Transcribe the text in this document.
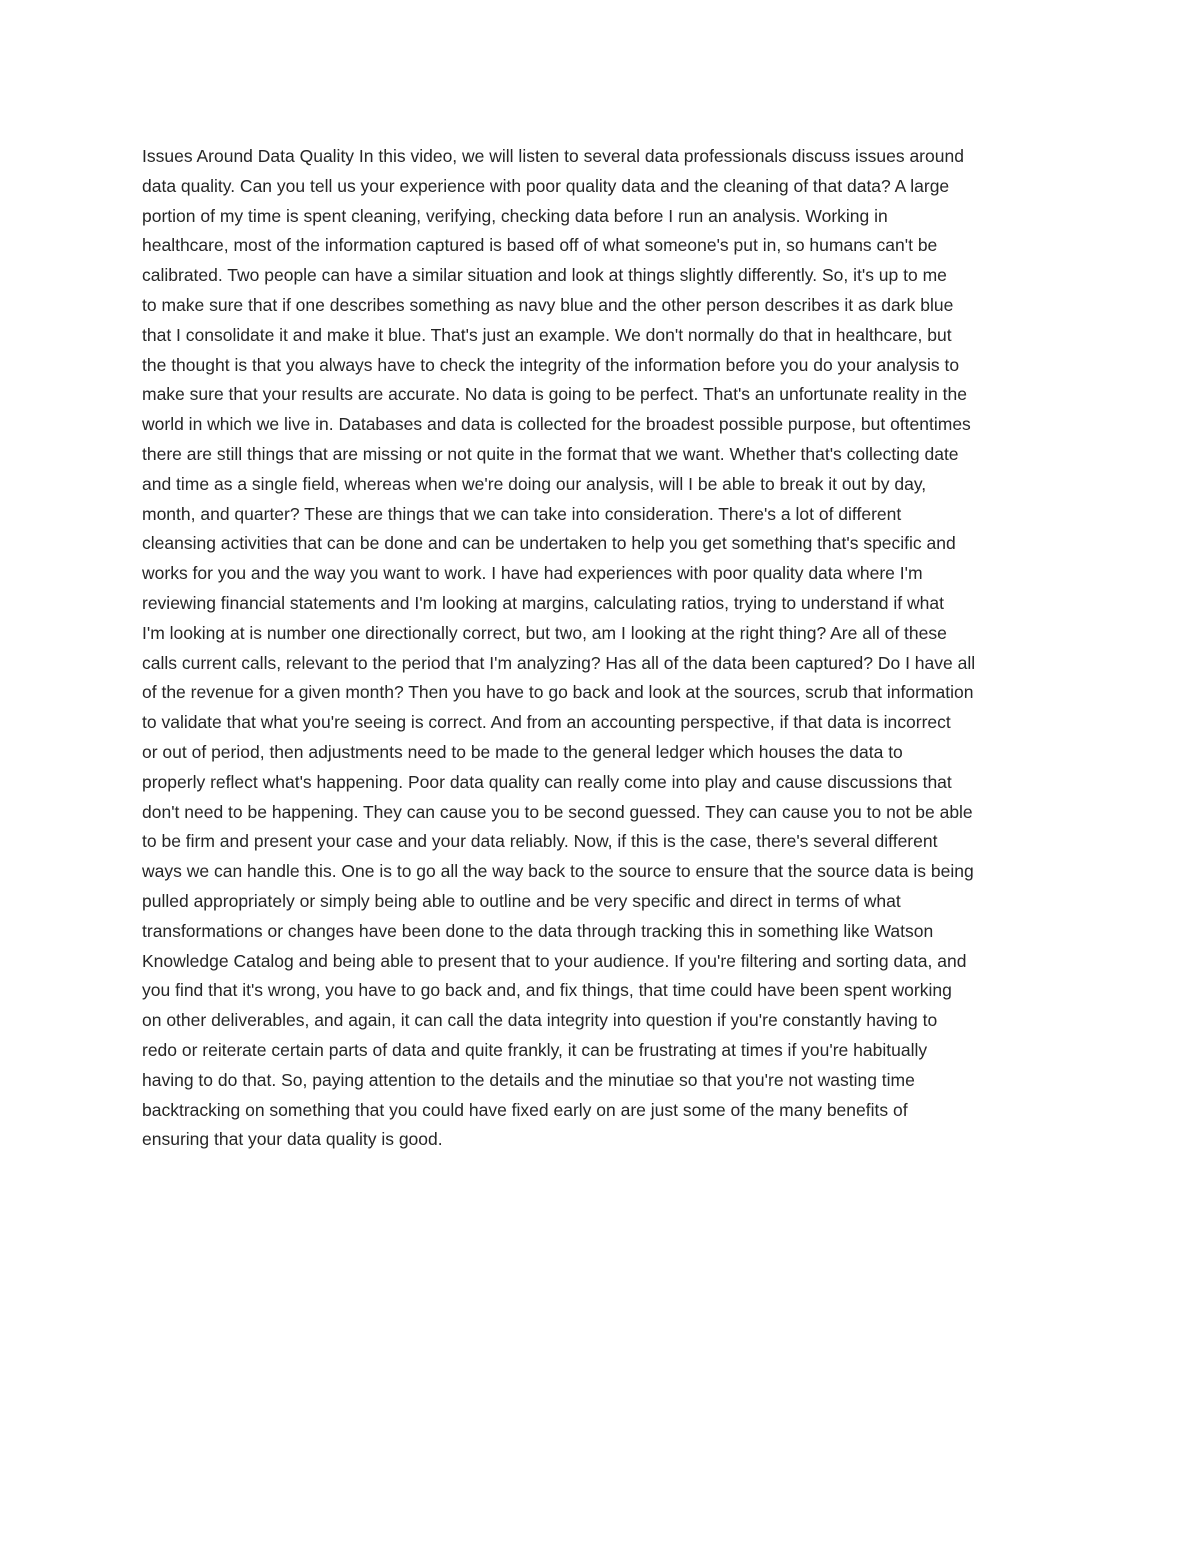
Issues Around Data Quality In this video, we will listen to several data professionals discuss issues around
data quality. Can you tell us your experience with poor quality data and the cleaning of that data? A large
portion of my time is spent cleaning, verifying, checking data before I run an analysis. Working in
healthcare, most of the information captured is based off of what someone's put in, so humans can't be
calibrated. Two people can have a similar situation and look at things slightly differently. So, it's up to me
to make sure that if one describes something as navy blue and the other person describes it as dark blue
that I consolidate it and make it blue. That's just an example. We don't normally do that in healthcare, but
the thought is that you always have to check the integrity of the information before you do your analysis to
make sure that your results are accurate. No data is going to be perfect. That's an unfortunate reality in the
world in which we live in. Databases and data is collected for the broadest possible purpose, but oftentimes
there are still things that are missing or not quite in the format that we want. Whether that's collecting date
and time as a single field, whereas when we're doing our analysis, will I be able to break it out by day,
month, and quarter? These are things that we can take into consideration. There's a lot of different
cleansing activities that can be done and can be undertaken to help you get something that's specific and
works for you and the way you want to work. I have had experiences with poor quality data where I'm
reviewing financial statements and I'm looking at margins, calculating ratios, trying to understand if what
I'm looking at is number one directionally correct, but two, am I looking at the right thing? Are all of these
calls current calls, relevant to the period that I'm analyzing? Has all of the data been captured? Do I have all
of the revenue for a given month? Then you have to go back and look at the sources, scrub that information
to validate that what you're seeing is correct. And from an accounting perspective, if that data is incorrect
or out of period, then adjustments need to be made to the general ledger which houses the data to
properly reflect what's happening. Poor data quality can really come into play and cause discussions that
don't need to be happening. They can cause you to be second guessed. They can cause you to not be able
to be firm and present your case and your data reliably. Now, if this is the case, there's several different
ways we can handle this. One is to go all the way back to the source to ensure that the source data is being
pulled appropriately or simply being able to outline and be very specific and direct in terms of what
transformations or changes have been done to the data through tracking this in something like Watson
Knowledge Catalog and being able to present that to your audience. If you're filtering and sorting data, and
you find that it's wrong, you have to go back and, and fix things, that time could have been spent working
on other deliverables, and again, it can call the data integrity into question if you're constantly having to
redo or reiterate certain parts of data and quite frankly, it can be frustrating at times if you're habitually
having to do that. So, paying attention to the details and the minutiae so that you're not wasting time
backtracking on something that you could have fixed early on are just some of the many benefits of
ensuring that your data quality is good.
